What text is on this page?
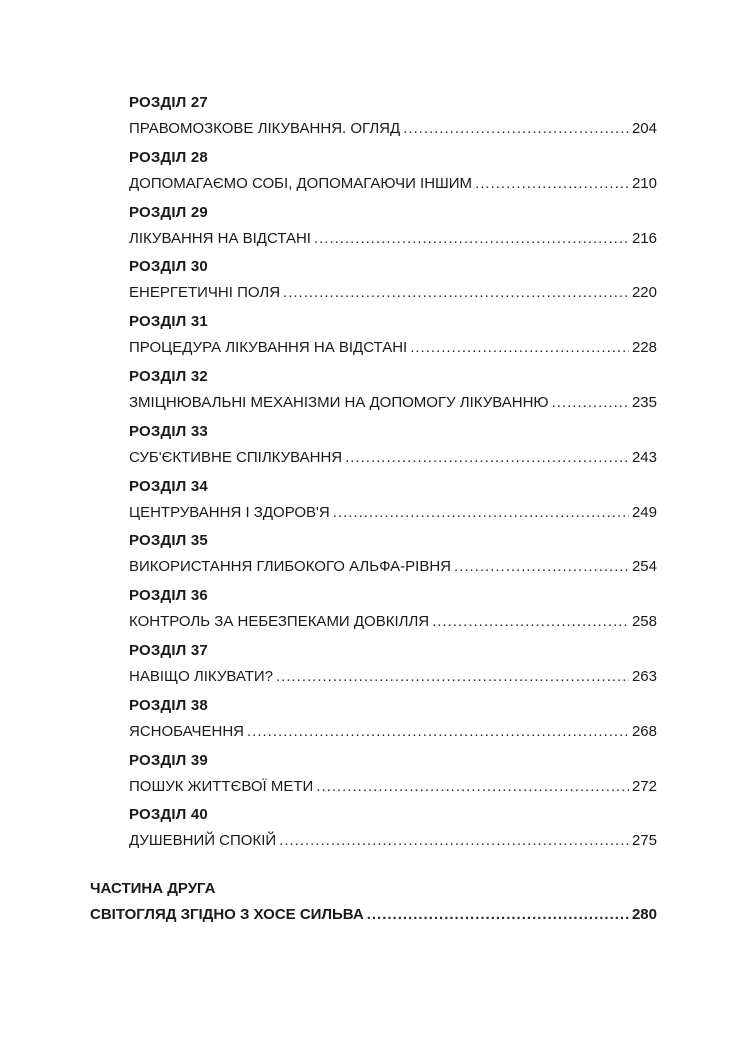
РОЗДІЛ 27
ПРАВОМОЗКОВЕ ЛІКУВАННЯ. ОГЛЯД .....	204
РОЗДІЛ 28
ДОПОМАГАЄМО СОБІ, ДОПОМАГАЮЧИ ІНШИМ .....	210
РОЗДІЛ 29
ЛІКУВАННЯ НА ВІДСТАНІ .....	216
РОЗДІЛ 30
ЕНЕРГЕТИЧНІ ПОЛЯ .....	220
РОЗДІЛ 31
ПРОЦЕДУРА ЛІКУВАННЯ НА ВІДСТАНІ .....	228
РОЗДІЛ 32
ЗМІЦНЮВАЛЬНІ МЕХАНІЗМИ НА ДОПОМОГУ ЛІКУВАННЮ .....	235
РОЗДІЛ 33
СУБ'ЄКТИВНЕ СПІЛКУВАННЯ .....	243
РОЗДІЛ 34
ЦЕНТРУВАННЯ І ЗДОРОВ'Я .....	249
РОЗДІЛ 35
ВИКОРИСТАННЯ ГЛИБОКОГО АЛЬФА-РІВНЯ .....	254
РОЗДІЛ 36
КОНТРОЛЬ ЗА НЕБЕЗПЕКАМИ ДОВКІЛЛЯ .....	258
РОЗДІЛ 37
НАВІЩО ЛІКУВАТИ? .....	263
РОЗДІЛ 38
ЯСНОБАЧЕННЯ .....	268
РОЗДІЛ 39
ПОШУК ЖИТТЄВОЇ МЕТИ .....	272
РОЗДІЛ 40
ДУШЕВНИЙ СПОКІЙ .....	275
ЧАСТИНА ДРУГА
СВІТОГЛЯД ЗГІДНО З ХОСЕ СИЛЬВА .....	280
